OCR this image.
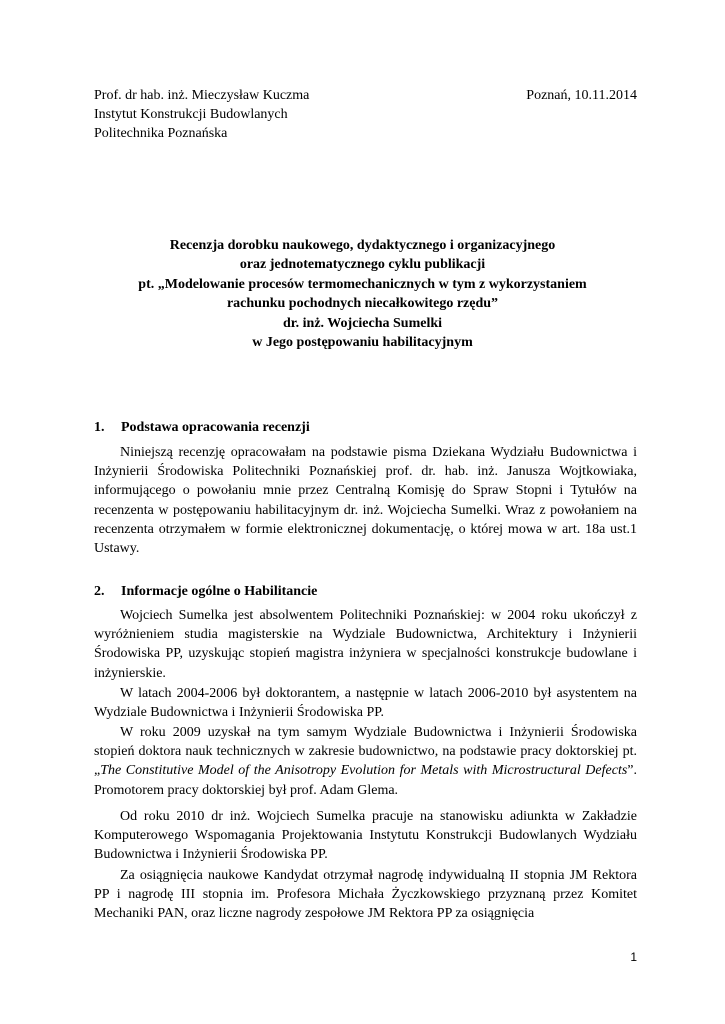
Prof. dr hab. inż. Mieczysław Kuczma	Poznań, 10.11.2014
Instytut Konstrukcji Budowlanych
Politechnika Poznańska
Recenzja dorobku naukowego, dydaktycznego i organizacyjnego
oraz jednotematycznego cyklu publikacji
pt. „Modelowanie procesów termomechanicznych w tym z wykorzystaniem
rachunku pochodnych niecałkowitego rzędu”
dr. inż. Wojciecha Sumelki
w Jego postępowaniu habilitacyjnym
1. Podstawa opracowania recenzji
Niniejszą recenzję opracowałam na podstawie pisma Dziekana Wydziału Budownictwa i Inżynierii Środowiska Politechniki Poznańskiej prof. dr. hab. inż. Janusza Wojtkowiaka, informującego o powołaniu mnie przez Centralną Komisję do Spraw Stopni i Tytułów na recenzenta w postępowaniu habilitacyjnym dr. inż. Wojciecha Sumelki. Wraz z powołaniem na recenzenta otrzymałem w formie elektronicznej dokumentację, o której mowa w art. 18a ust.1 Ustawy.
2. Informacje ogólne o Habilitancie
Wojciech Sumelka jest absolwentem Politechniki Poznańskiej: w 2004 roku ukończył z wyróżnieniem studia magisterskie na Wydziale Budownictwa, Architektury i Inżynierii Środowiska PP, uzyskując stopień magistra inżyniera w specjalności konstrukcje budowlane i inżynierskie.
W latach 2004-2006 był doktorantem, a następnie w latach 2006-2010 był asystentem na Wydziale Budownictwa i Inżynierii Środowiska PP.
W roku 2009 uzyskał na tym samym Wydziale Budownictwa i Inżynierii Środowiska stopień doktora nauk technicznych w zakresie budownictwo, na podstawie pracy doktorskiej pt. „The Constitutive Model of the Anisotropy Evolution for Metals with Microstructural Defects”. Promotorem pracy doktorskiej był prof. Adam Glema.
Od roku 2010 dr inż. Wojciech Sumelka pracuje na stanowisku adiunkta w Zakładzie Komputerowego Wspomagania Projektowania Instytutu Konstrukcji Budowlanych Wydziału Budownictwa i Inżynierii Środowiska PP.
Za osiągnięcia naukowe Kandydat otrzymał nagrodę indywidualną II stopnia JM Rektora PP i nagrodę III stopnia im. Profesora Michała Życzkowskiego przyznaną przez Komitet Mechaniki PAN, oraz liczne nagrody zespołowe JM Rektora PP za osiągnięcia
1
